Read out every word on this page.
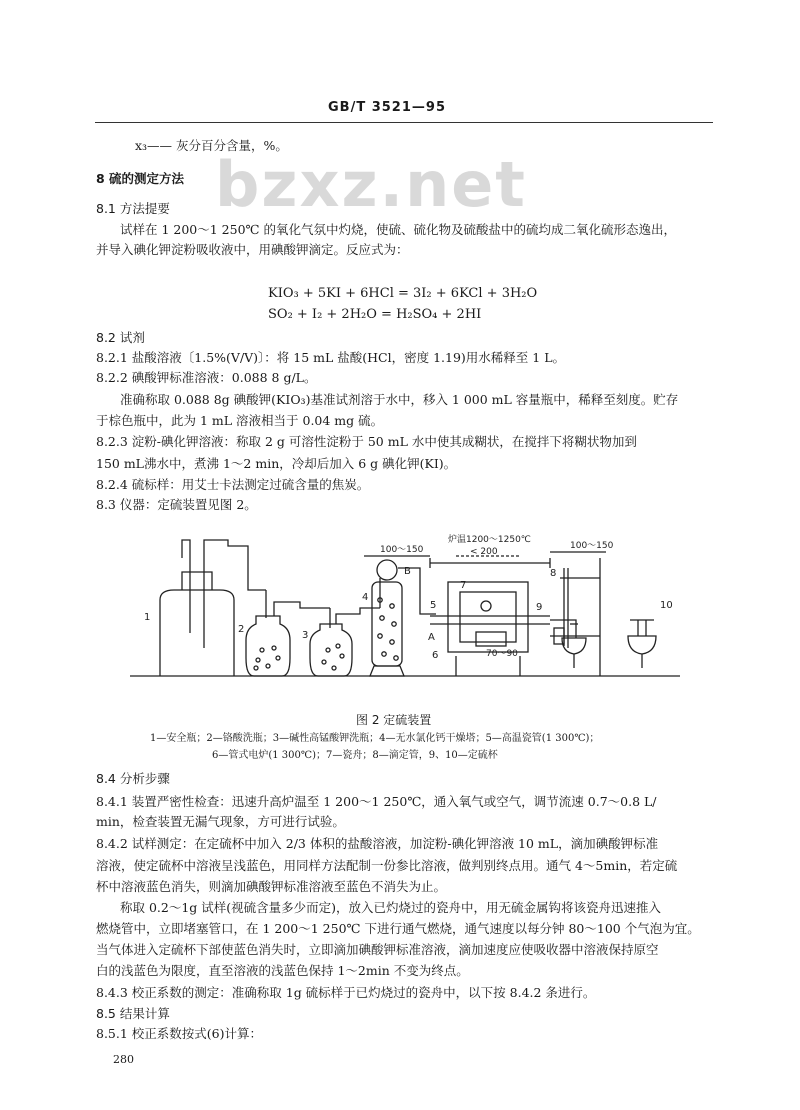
GB/T 3521—95
bzxz.net
x₃—— 灰分百分含量，%。
8 硫的测定方法
8.1 方法提要
试样在 1 200～1 250℃ 的氧化气氛中灼烧，使硫、硫化物及硫酸盐中的硫均成二氧化硫形态逸出，
并导入碘化钾淀粉吸收液中，用碘酸钾滴定。反应式为：
KIO₃ + 5KI + 6HCl = 3I₂ + 6KCl + 3H₂O
SO₂ + I₂ + 2H₂O = H₂SO₄ + 2HI
8.2 试剂
8.2.1 盐酸溶液〔1.5%(V/V)〕：将 15 mL 盐酸(HCl，密度 1.19)用水稀释至 1 L。
8.2.2 碘酸钾标准溶液：0.088 8 g/L。
准确称取 0.088 8g 碘酸钾(KIO₃)基准试剂溶于水中，移入 1 000 mL 容量瓶中，稀释至刻度。贮存
于棕色瓶中，此为 1 mL 溶液相当于 0.04 mg 硫。
8.2.3 淀粉-碘化钾溶液：称取 2 g 可溶性淀粉于 50 mL 水中使其成糊状，在搅拌下将糊状物加到
150 mL沸水中，煮沸 1～2 min，冷却后加入 6 g 碘化钾(KI)。
8.2.4 硫标样：用艾士卡法测定过硫含量的焦炭。
8.3 仪器：定硫装置见图 2。
1
2
3
4
5
6
7
8
9	10
A
B
炉温1200～1250℃
< 200
100～150	100～150
70～90
图 2 定硫装置
1—安全瓶；2—铬酸洗瓶；3—碱性高锰酸钾洗瓶；4—无水氯化钙干燥塔；5—高温瓷管(1 300℃)；
6—管式电炉(1 300℃)；7—瓷舟；8—滴定管，9、10—定硫杯
8.4 分析步骤
8.4.1 装置严密性检查：迅速升高炉温至 1 200～1 250℃，通入氧气或空气，调节流速 0.7～0.8 L/
min，检查装置无漏气现象，方可进行试验。
8.4.2 试样测定：在定硫杯中加入 2/3 体积的盐酸溶液，加淀粉-碘化钾溶液 10 mL，滴加碘酸钾标准
溶液，使定硫杯中溶液呈浅蓝色，用同样方法配制一份参比溶液，做判别终点用。通气 4～5min，若定硫
杯中溶液蓝色消失，则滴加碘酸钾标准溶液至蓝色不消失为止。
称取 0.2～1g 试样(视硫含量多少而定)，放入已灼烧过的瓷舟中，用无硫金属钩将该瓷舟迅速推入
燃烧管中，立即堵塞管口，在 1 200～1 250℃ 下进行通气燃烧，通气速度以每分钟 80～100 个气泡为宜。
当气体进入定硫杯下部使蓝色消失时，立即滴加碘酸钾标准溶液，滴加速度应使吸收器中溶液保持原空
白的浅蓝色为限度，直至溶液的浅蓝色保持 1～2min 不变为终点。
8.4.3 校正系数的测定：准确称取 1g 硫标样于已灼烧过的瓷舟中，以下按 8.4.2 条进行。
8.5 结果计算
8.5.1 校正系数按式(6)计算：
280
